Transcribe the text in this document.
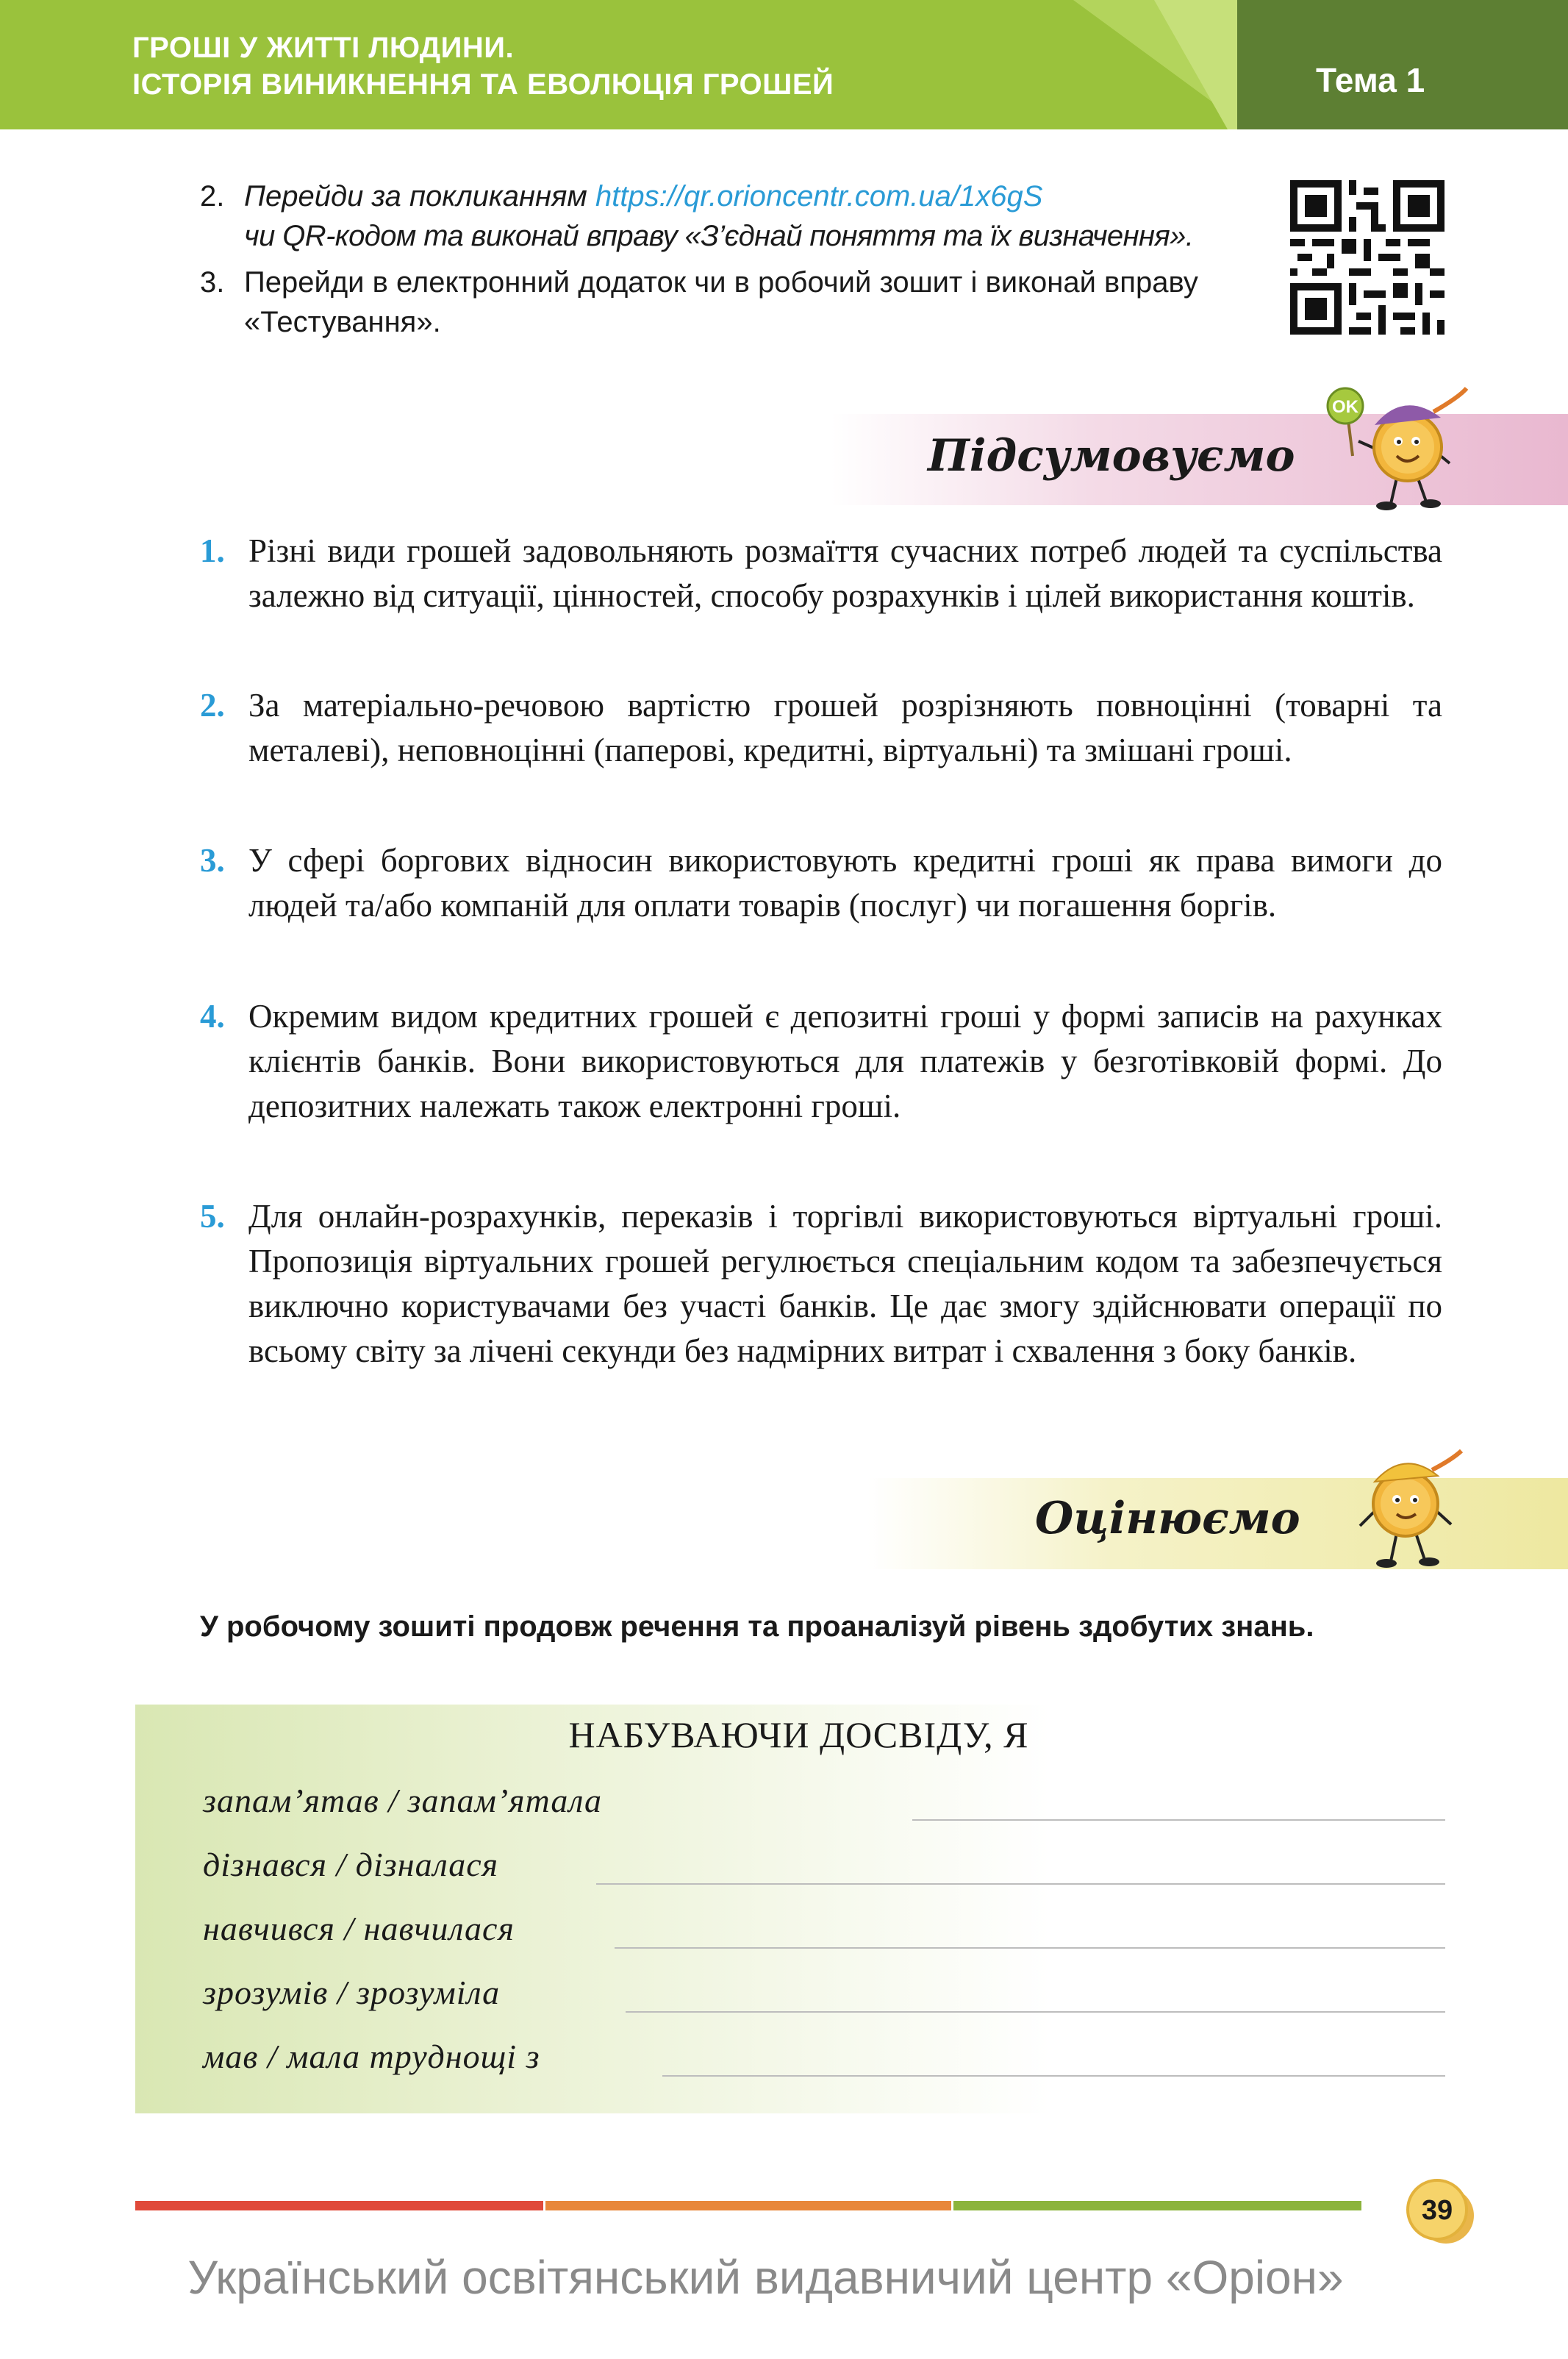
ГРОШІ У ЖИТТІ ЛЮДИНИ.
ІСТОРІЯ ВИНИКНЕННЯ ТА ЕВОЛЮЦІЯ ГРОШЕЙ	Тема 1
2. Перейди за покликанням https://qr.orioncentr.com.ua/1x6gS
чи QR-кодом та виконай вправу «З’єднай поняття та їх визначення».
3. Перейди в електронний додаток чи в робочий зошит і виконай вправу «Тестування».
Підсумовуємо
OK
1. Різні види грошей задовольняють розмаїття сучасних потреб людей та суспільства залежно від ситуації, цінностей, способу розрахунків і цілей використання коштів.
2. За матеріально-речовою вартістю грошей розрізняють повноцінні (товарні та металеві), неповноцінні (паперові, кредитні, віртуальні) та змішані гроші.
3. У сфері боргових відносин використовують кредитні гроші як права вимоги до людей та/або компаній для оплати товарів (послуг) чи погашення боргів.
4. Окремим видом кредитних грошей є депозитні гроші у формі записів на рахунках клієнтів банків. Вони використовуються для платежів у безготівковій формі. До депозитних належать також електронні гроші.
5. Для онлайн-розрахунків, переказів і торгівлі використовуються віртуальні гроші. Пропозиція віртуальних грошей регулюється спеціальним кодом та забезпечується виключно користувачами без участі банків. Це дає змогу здійснювати операції по всьому світу за лічені секунди без надмірних витрат і схвалення з боку банків.
Оцінюємо
У робочому зошиті продовж речення та проаналізуй рівень здобутих знань.
НАБУВАЮЧИ ДОСВІДУ, Я
запам’ятав / запам’ятала
дізнався / дізналася
навчився / навчилася
зрозумів / зрозуміла
мав / мала труднощі з
39
Український освітянський видавничий центр «Оріон»
